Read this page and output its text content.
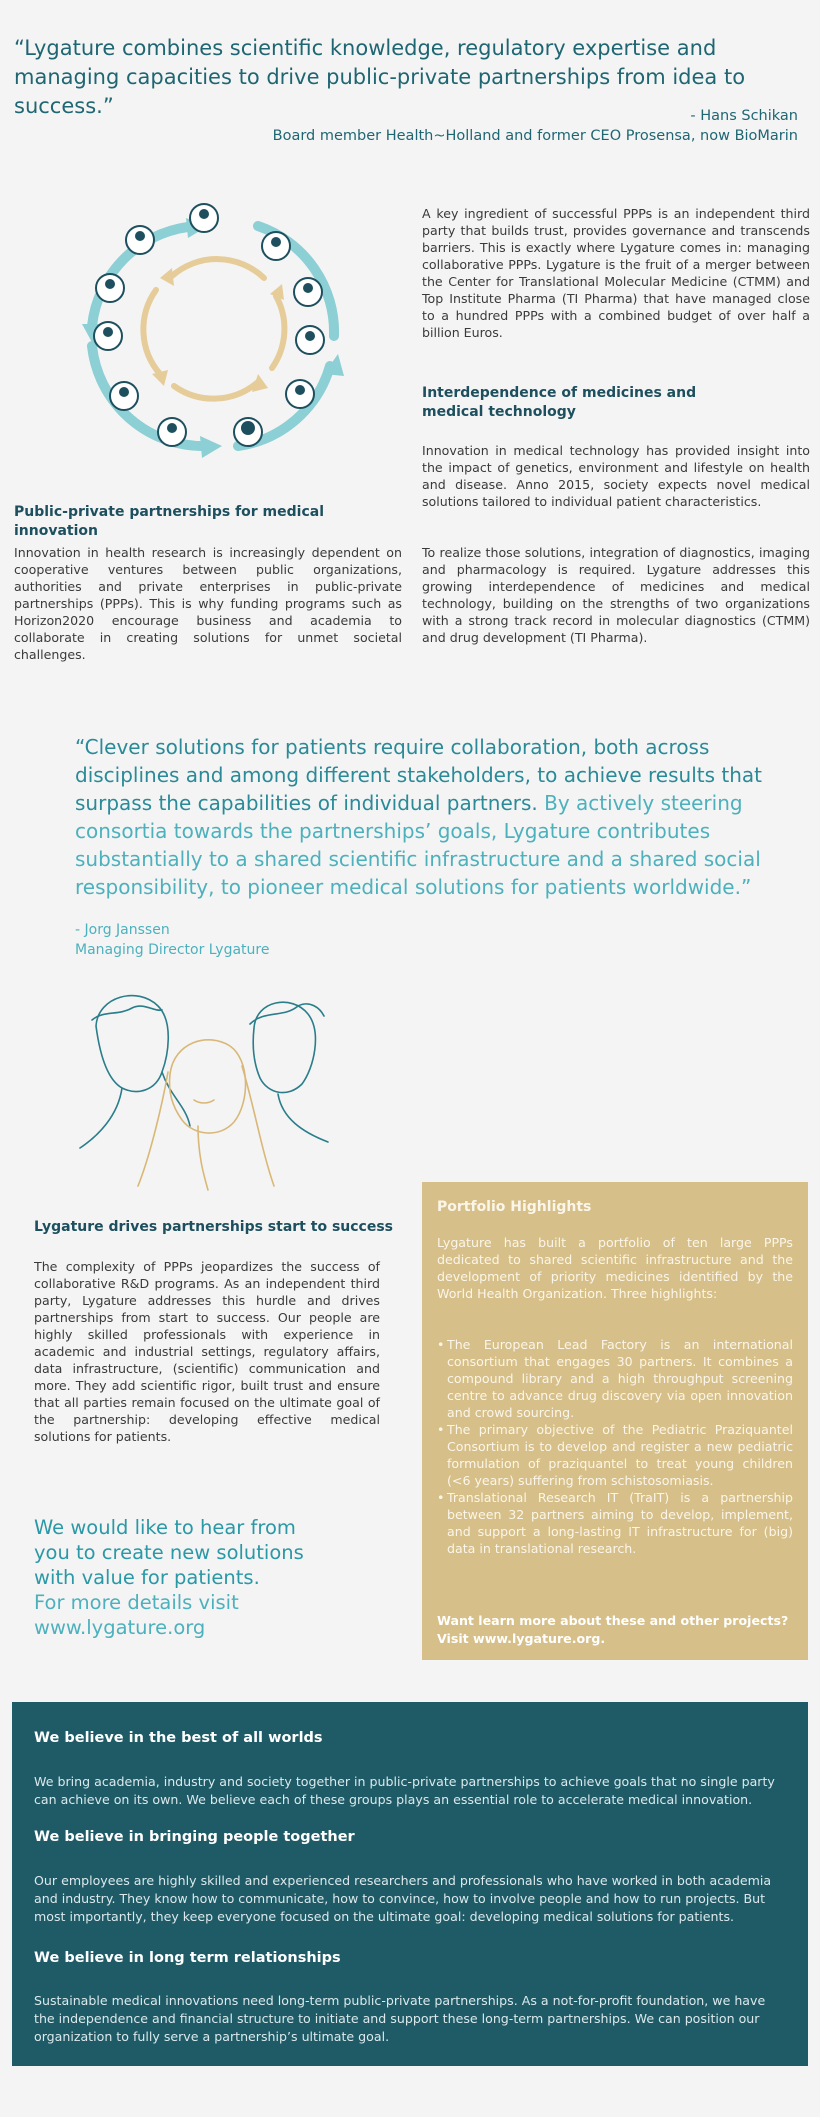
“Lygature combines scientific knowledge, regulatory expertise and managing capacities to drive public-private partnerships from idea to success.”	- Hans Schikan
Board member Health~Holland and former CEO Prosensa, now BioMarin
A key ingredient of successful PPPs is an independent third party that builds trust, provides governance and transcends barriers. This is exactly where Lygature comes in: managing collaborative PPPs. Lygature is the fruit of a merger between the Center for Translational Molecular Medicine (CTMM) and Top Institute Pharma (TI Pharma) that have managed close to a hundred PPPs with a combined budget of over half a billion Euros.
Interdependence of medicines and
medical technology
Innovation in medical technology has provided insight into the impact of genetics, environment and lifestyle on health and disease. Anno 2015, society expects novel medical solutions tailored to individual patient characteristics.
To realize those solutions, integration of diagnostics, imaging and pharmacology is required. Lygature addresses this growing interdependence of medicines and medical technology, building on the strengths of two organizations with a strong track record in molecular diagnostics (CTMM) and drug development (TI Pharma).
Public-private partnerships for medical innovation
Innovation in health research is increasingly dependent on cooperative ventures between public organizations, authorities and private enterprises in public-private partnerships (PPPs). This is why funding programs such as Horizon2020 encourage business and academia to collaborate in creating solutions for unmet societal challenges.
“Clever solutions for patients require collaboration, both across disciplines and among different stakeholders, to achieve results that surpass the capabilities of individual partners. By actively steering consortia towards the partnerships’ goals, Lygature contributes substantially to a shared scientific infrastructure and a shared social responsibility, to pioneer medical solutions for patients worldwide.”
- Jorg Janssen
Managing Director Lygature
Lygature drives partnerships start to success
The complexity of PPPs jeopardizes the success of collaborative R&D programs. As an independent third party, Lygature addresses this hurdle and drives partnerships from start to success. Our people are highly skilled professionals with experience in academic and industrial settings, regulatory affairs, data infrastructure, (scientific) communication and more. They add scientific rigor, built trust and ensure that all parties remain focused on the ultimate goal of the partnership: developing effective medical solutions for patients.
We would like to hear from
you to create new solutions
with value for patients.
For more details visit
www.lygature.org
Portfolio Highlights
Lygature has built a portfolio of ten large PPPs dedicated to shared scientific infrastructure and the development of priority medicines identified by the World Health Organization. Three highlights:
• The European Lead Factory is an international consortium that engages 30 partners. It combines a compound library and a high throughput screening centre to advance drug discovery via open innovation and crowd sourcing.
• The primary objective of the Pediatric Praziquantel Consortium is to develop and register a new pediatric formulation of praziquantel to treat young children (<6 years) suffering from schistosomiasis.
• Translational Research IT (TraIT) is a partnership between 32 partners aiming to develop, implement, and support a long-lasting IT infrastructure for (big) data in translational research.
Want learn more about these and other projects?
Visit www.lygature.org.
We believe in the best of all worlds
We bring academia, industry and society together in public-private partnerships to achieve goals that no single party can achieve on its own. We believe each of these groups plays an essential role to accelerate medical innovation.
We believe in bringing people together
Our employees are highly skilled and experienced researchers and professionals who have worked in both academia and industry. They know how to communicate, how to convince, how to involve people and how to run projects. But most importantly, they keep everyone focused on the ultimate goal: developing medical solutions for patients.
We believe in long term relationships
Sustainable medical innovations need long-term public-private partnerships. As a not-for-profit foundation, we have the independence and financial structure to initiate and support these long-term partnerships. We can position our organization to fully serve a partnership’s ultimate goal.
